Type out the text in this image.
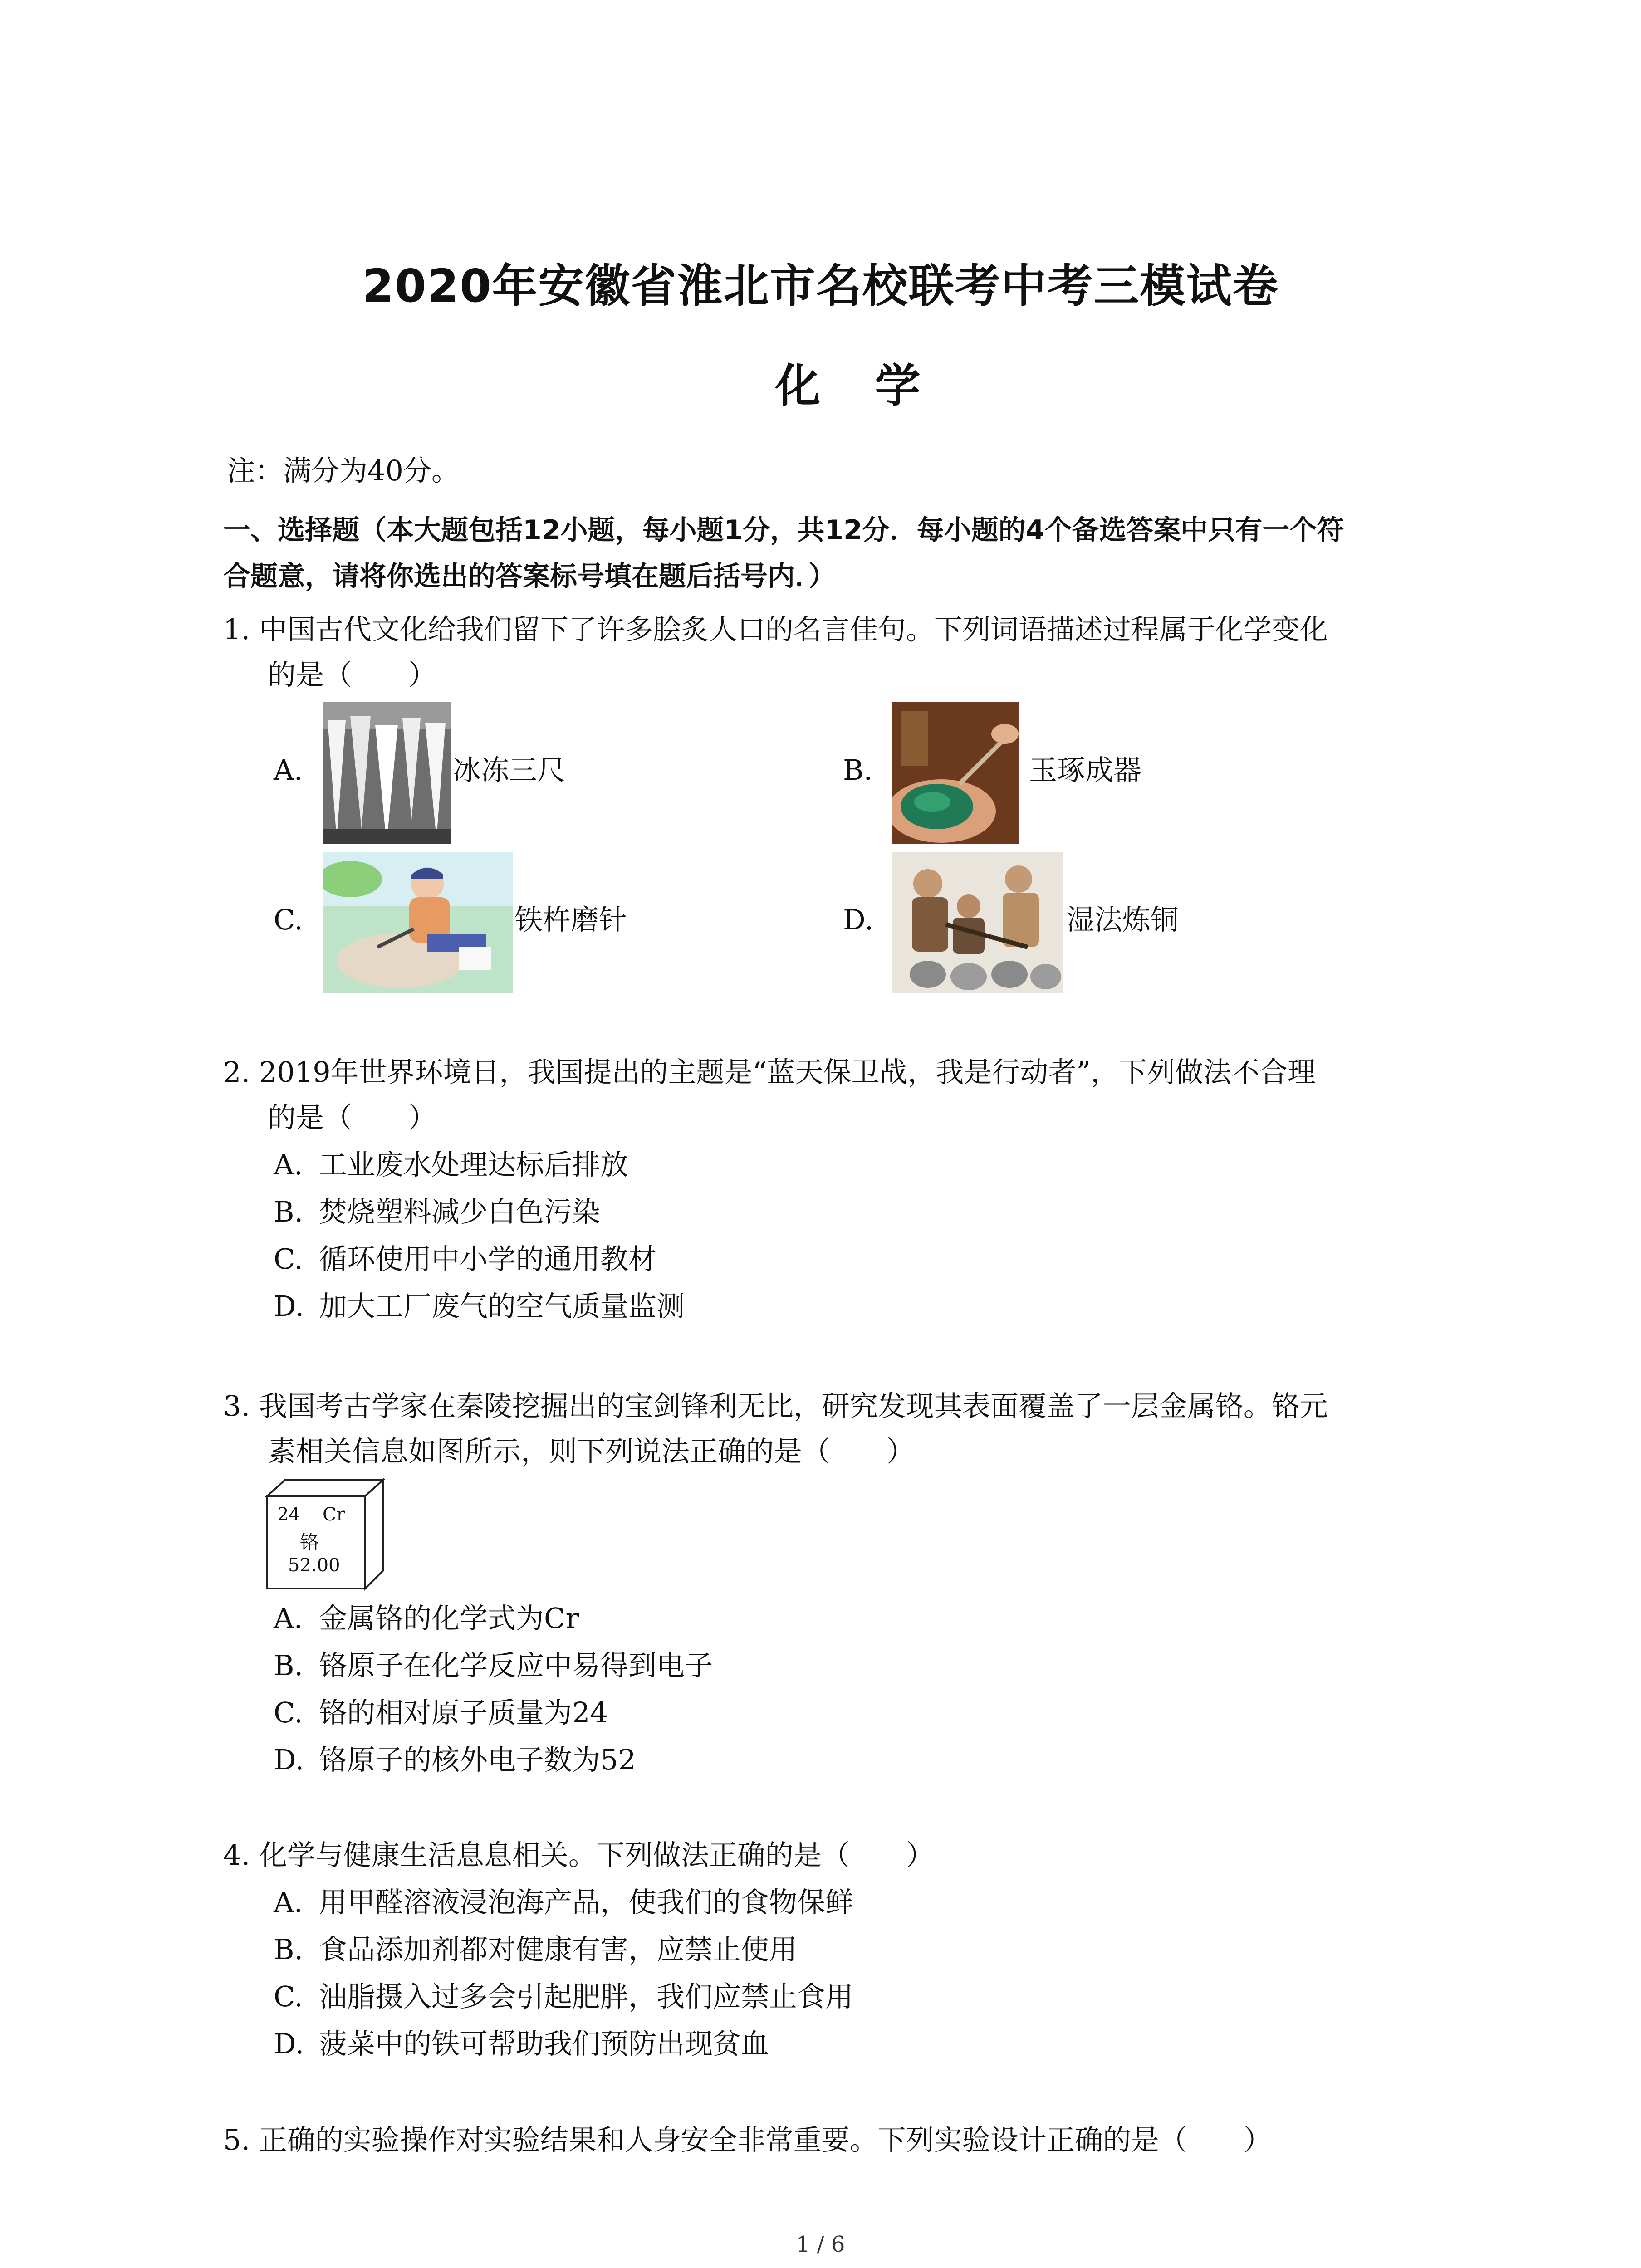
2020年安徽省淮北市名校联考中考三模试卷
化学
注：满分为40分。
一、选择题（本大题包括12小题，每小题1分，共12分．每小题的4个备选答案中只有一个符
合题意，请将你选出的答案标号填在题后括号内．）
1. 中国古代文化给我们留下了许多脍炙人口的名言佳句。下列词语描述过程属于化学变化
的是（　　）
A.	冰冻三尺	B.	玉琢成器
C.	铁杵磨针	D.	湿法炼铜
2. 2019年世界环境日，我国提出的主题是“蓝天保卫战，我是行动者”，下列做法不合理
的是（　　）
A. 工业废水处理达标后排放
B. 焚烧塑料减少白色污染
C. 循环使用中小学的通用教材
D. 加大工厂废气的空气质量监测
3. 我国考古学家在秦陵挖掘出的宝剑锋利无比，研究发现其表面覆盖了一层金属铬。铬元
素相关信息如图所示，则下列说法正确的是（　　）
24 Cr
铬
52.00
A. 金属铬的化学式为Cr
B. 铬原子在化学反应中易得到电子
C. 铬的相对原子质量为24
D. 铬原子的核外电子数为52
4. 化学与健康生活息息相关。下列做法正确的是（　　）
A. 用甲醛溶液浸泡海产品，使我们的食物保鲜
B. 食品添加剂都对健康有害，应禁止使用
C. 油脂摄入过多会引起肥胖，我们应禁止食用
D. 菠菜中的铁可帮助我们预防出现贫血
5. 正确的实验操作对实验结果和人身安全非常重要。下列实验设计正确的是（　　）
1 / 6
